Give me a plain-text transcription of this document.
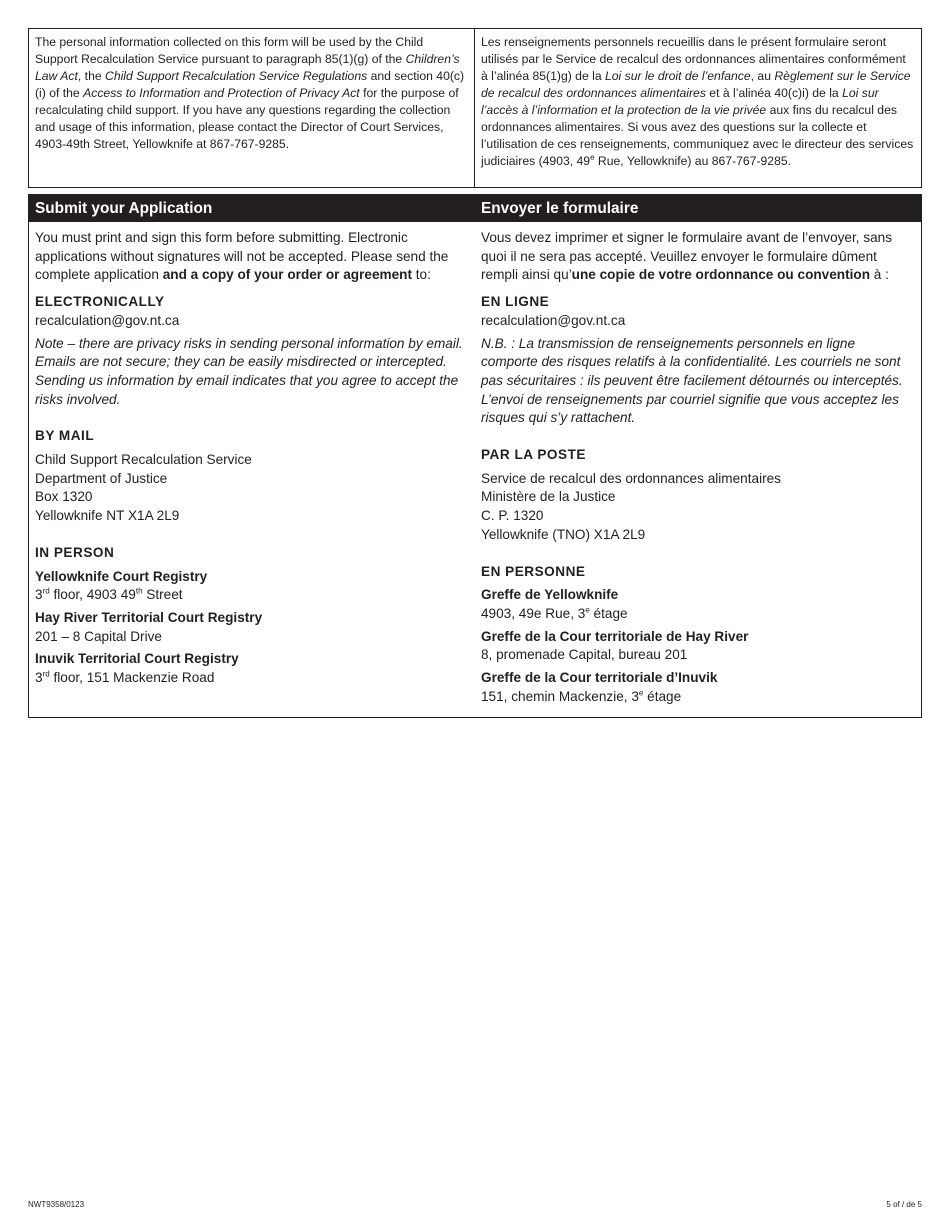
The personal information collected on this form will be used by the Child Support Recalculation Service pursuant to paragraph 85(1)(g) of the Children’s Law Act, the Child Support Recalculation Service Regulations and section 40(c)(i) of the Access to Information and Protection of Privacy Act for the purpose of recalculating child support. If you have any questions regarding the collection and usage of this information, please contact the Director of Court Services, 4903-49th Street, Yellowknife at 867-767-9285.
Les renseignements personnels recueillis dans le présent formulaire seront utilisés par le Service de recalcul des ordonnances alimentaires conformément à l’alinéa 85(1)g) de la Loi sur le droit de l’enfance, au Règlement sur le Service de recalcul des ordonnances alimentaires et à l’alinéa 40(c)i) de la Loi sur l’accès à l’information et la protection de la vie privée aux fins du recalcul des ordonnances alimentaires. Si vous avez des questions sur la collecte et l’utilisation de ces renseignements, communiquez avec le directeur des services judiciaires (4903, 49e Rue, Yellowknife) au 867-767-9285.
Submit your Application	Envoyer le formulaire

You must print and sign this form before submitting. Electronic applications without signatures will not be accepted. Please send the complete application and a copy of your order or agreement to:

ELECTRONICALLY

recalculation@gov.nt.ca

Note – there are privacy risks in sending personal information by email. Emails are not secure; they can be easily misdirected or intercepted. Sending us information by email indicates that you agree to accept the risks involved.

BY MAIL

Child Support Recalculation Service

Department of Justice

Box 1320

Yellowknife NT X1A 2L9

IN PERSON

Yellowknife Court Registry

3rd floor, 4903 49th Street

Hay River Territorial Court Registry

201 – 8 Capital Drive

Inuvik Territorial Court Registry

3rd floor, 151 Mackenzie Road

Vous devez imprimer et signer le formulaire avant de l’envoyer, sans quoi il ne sera pas accepté. Veuillez envoyer le formulaire dûment rempli ainsi qu’une copie de votre ordonnance ou convention à :

EN LIGNE

recalculation@gov.nt.ca

N.B. : La transmission de renseignements personnels en ligne comporte des risques relatifs à la confidentialité. Les courriels ne sont pas sécuritaires : ils peuvent être facilement détournés ou interceptés. L’envoi de renseignements par courriel signifie que vous acceptez les risques qui s’y rattachent.

PAR LA POSTE

Service de recalcul des ordonnances alimentaires

Ministère de la Justice

C. P. 1320

Yellowknife (TNO) X1A 2L9

EN PERSONNE

Greffe de Yellowknife

4903, 49e Rue, 3e étage

Greffe de la Cour territoriale de Hay River

8, promenade Capital, bureau 201

Greffe de la Cour territoriale d’Inuvik

151, chemin Mackenzie, 3e étage

NWT9358/0123	5 of / de 5
